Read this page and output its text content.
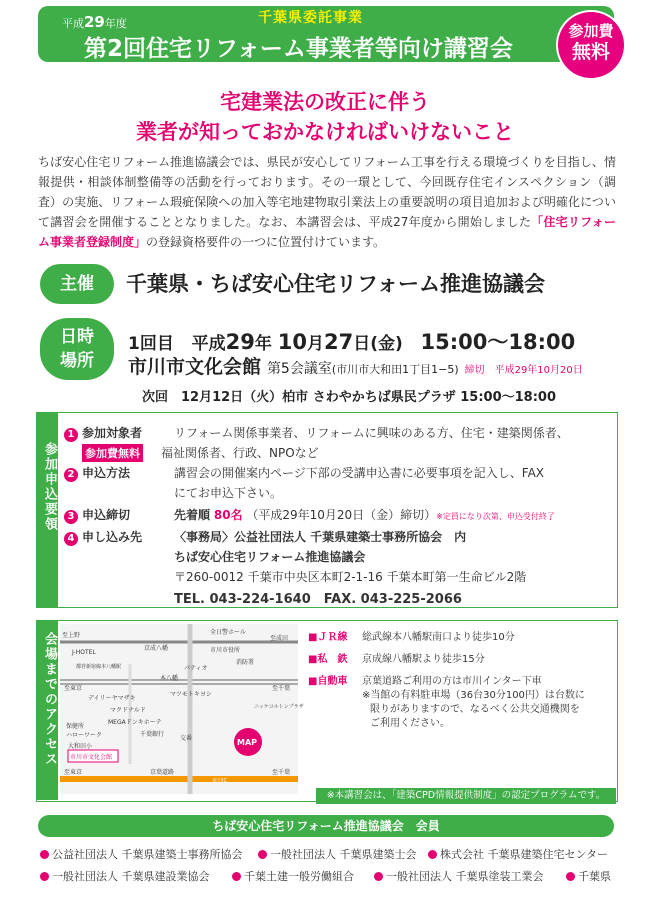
平成29年度	千葉県委託事業
第2回住宅リフォーム事業者等向け講習会
参加費
無料
宅建業法の改正に伴う
業者が知っておかなければいけないこと
ちば安心住宅リフォーム推進協議会では、県民が安心してリフォーム工事を行える環境づくりを目指し、情報提供・相談体制整備等の活動を行っております。その一環として、今回既存住宅インスペクション（調査）の実施、リフォーム瑕疵保険への加入等宅地建物取引業法上の重要説明の項目追加および明確化について講習会を開催することとなりました。なお、本講習会は、平成27年度から開始しました「住宅リフォーム事業者登録制度」の登録資格要件の一つに位置付けています。
主催	千葉県・ちば安心住宅リフォーム推進協議会
日時
場所
1回目 平成29年 10月27日(金) 15:00〜18:00
市川市文化会館 第5会議室(市川市大和田1丁目1−5) 締切　平成29年10月20日
次回　12月12日（火）柏市 さわやかちば県民プラザ 15:00〜18:00
参加申込要領
1 参加対象者	リフォーム関係事業者、リフォームに興味のある方、住宅・建築関係者、
参加費無料 福祉関係者、行政、NPOなど
2 申込方法	講習会の開催案内ページ下部の受講申込書に必要事項を記入し、FAX
にてお申込下さい。
3 申込締切	先着順 80名 （平成29年10月20日（金）締切）※定員になり次第、申込受付終了
4 申し込み先	〈事務局〉公益社団法人 千葉県建築士事務所協会　内
ちば安心住宅リフォーム推進協議会
〒260-0012 千葉市中央区本町2-1-16 千葉本町第一生命ビル2階
TEL. 043-224-1640　FAX. 043-225-2066
会場までのアクセス 至上野
京成八幡
J-HOTEL
全日警ホール
市川市役所
至成田
本八幡
都営新宿線本八幡駅	パティオ
消防署
至東京
デイリーヤマザキ
マツモトキヨシ
至千葉
マクドナルド	ニッケコルトンプラザ
MEGAドンキホーテ
保健所
ハローワーク	千葉銀行
交番
大和田小
市川市文化会館
MAP
至東京	京葉道路
市川IC
至千葉
■ＪＲ線 総武線本八幡駅南口より徒歩10分
■私　鉄 京成線八幡駅より徒歩15分
■自動車 京葉道路ご利用の方は市川インター下車
※当館の有料駐車場（36台30分100円）は台数に
限りがありますので、なるべく公共交通機関を
ご利用ください。
※本講習会は、「建築CPD情報提供制度」の認定プログラムです。
ちば安心住宅リフォーム推進協議会　会員
公益社団法人 千葉県建築士事務所協会	一般社団法人 千葉県建築士会	株式会社 千葉県建築住宅センター
一般社団法人 千葉県建設業協会	千葉土建一般労働組合	一般社団法人 千葉県塗装工業会	千葉県
